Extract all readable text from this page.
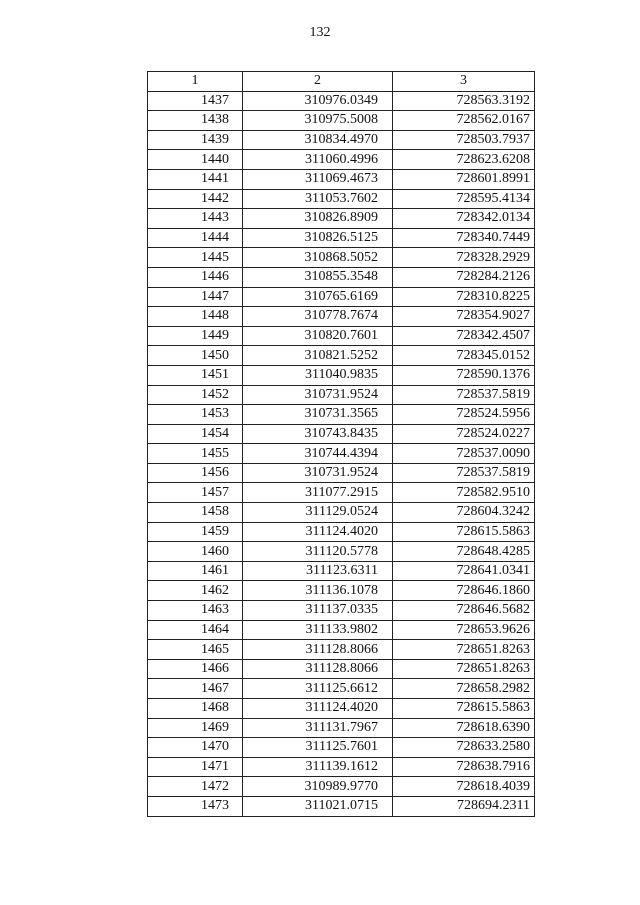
132
1	2	3
1437	310976.0349	728563.3192
1438	310975.5008	728562.0167
1439	310834.4970	728503.7937
1440	311060.4996	728623.6208
1441	311069.4673	728601.8991
1442	311053.7602	728595.4134
1443	310826.8909	728342.0134
1444	310826.5125	728340.7449
1445	310868.5052	728328.2929
1446	310855.3548	728284.2126
1447	310765.6169	728310.8225
1448	310778.7674	728354.9027
1449	310820.7601	728342.4507
1450	310821.5252	728345.0152
1451	311040.9835	728590.1376
1452	310731.9524	728537.5819
1453	310731.3565	728524.5956
1454	310743.8435	728524.0227
1455	310744.4394	728537.0090
1456	310731.9524	728537.5819
1457	311077.2915	728582.9510
1458	311129.0524	728604.3242
1459	311124.4020	728615.5863
1460	311120.5778	728648.4285
1461	311123.6311	728641.0341
1462	311136.1078	728646.1860
1463	311137.0335	728646.5682
1464	311133.9802	728653.9626
1465	311128.8066	728651.8263
1466	311128.8066	728651.8263
1467	311125.6612	728658.2982
1468	311124.4020	728615.5863
1469	311131.7967	728618.6390
1470	311125.7601	728633.2580
1471	311139.1612	728638.7916
1472	310989.9770	728618.4039
1473	311021.0715	728694.2311
